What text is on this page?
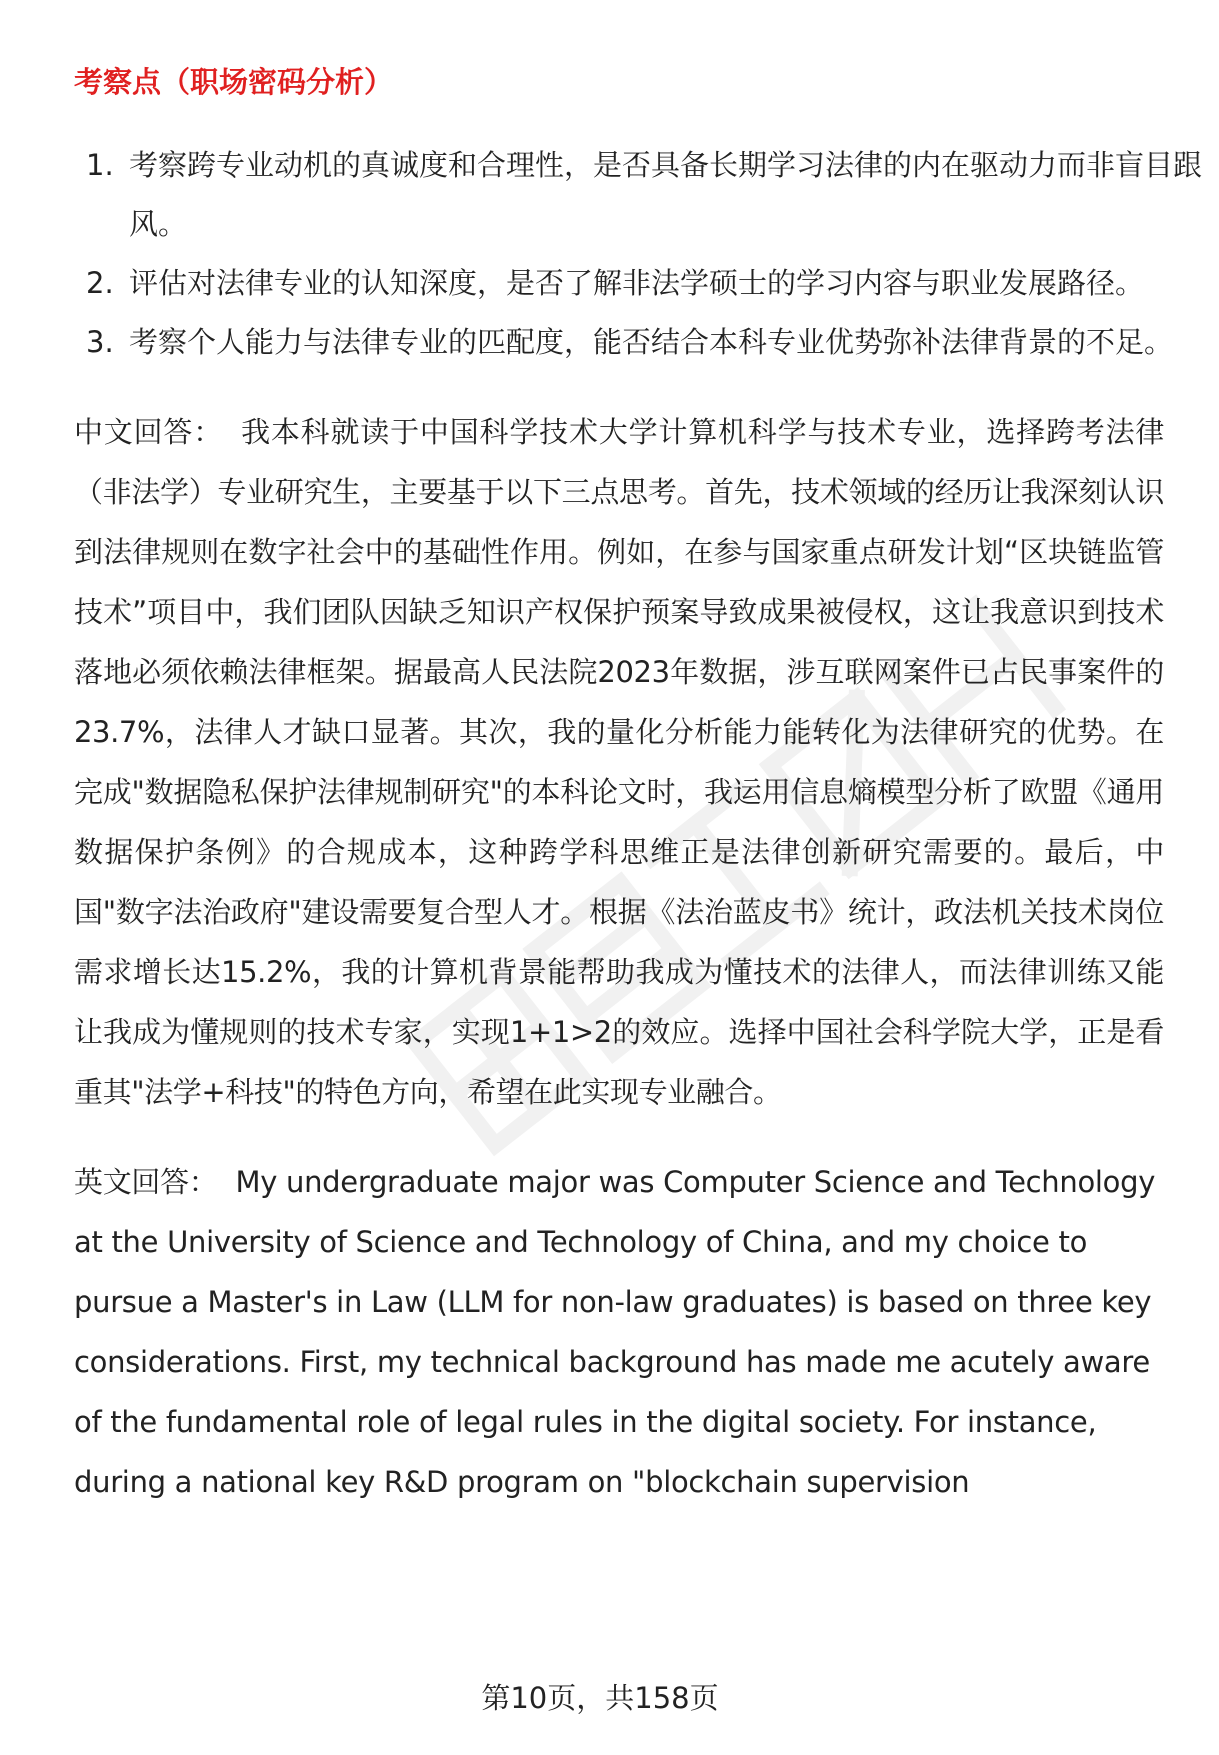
考察点（职场密码分析）
1. 考察跨专业动机的真诚度和合理性，是否具备长期学习法律的内在驱动力而非盲目跟风。
2. 评估对法律专业的认知深度，是否了解非法学硕士的学习内容与职业发展路径。
3. 考察个人能力与法律专业的匹配度，能否结合本科专业优势弥补法律背景的不足。

中文回答： 我本科就读于中国科学技术大学计算机科学与技术专业，选择跨考法律（非法学）专业研究生，主要基于以下三点思考。首先，技术领域的经历让我深刻认识到法律规则在数字社会中的基础性作用。例如，在参与国家重点研发计划“区块链监管技术”项目中，我们团队因缺乏知识产权保护预案导致成果被侵权，这让我意识到技术落地必须依赖法律框架。据最高人民法院2023年数据，涉互联网案件已占民事案件的23.7%，法律人才缺口显著。其次，我的量化分析能力能转化为法律研究的优势。在完成"数据隐私保护法律规制研究"的本科论文时，我运用信息熵模型分析了欧盟《通用数据保护条例》的合规成本，这种跨学科思维正是法律创新研究需要的。最后，中国"数字法治政府"建设需要复合型人才。根据《法治蓝皮书》统计，政法机关技术岗位需求增长达15.2%，我的计算机背景能帮助我成为懂技术的法律人，而法律训练又能让我成为懂规则的技术专家，实现1+1>2的效应。选择中国社会科学院大学，正是看重其"法学+科技"的特色方向，希望在此实现专业融合。

英文回答： My undergraduate major was Computer Science and Technology at the University of Science and Technology of China, and my choice to pursue a Master's in Law (LLM for non-law graduates) is based on three key considerations. First, my technical background has made me acutely aware of the fundamental role of legal rules in the digital society. For instance, during a national key R&D program on "blockchain supervision

第10页，共158页
